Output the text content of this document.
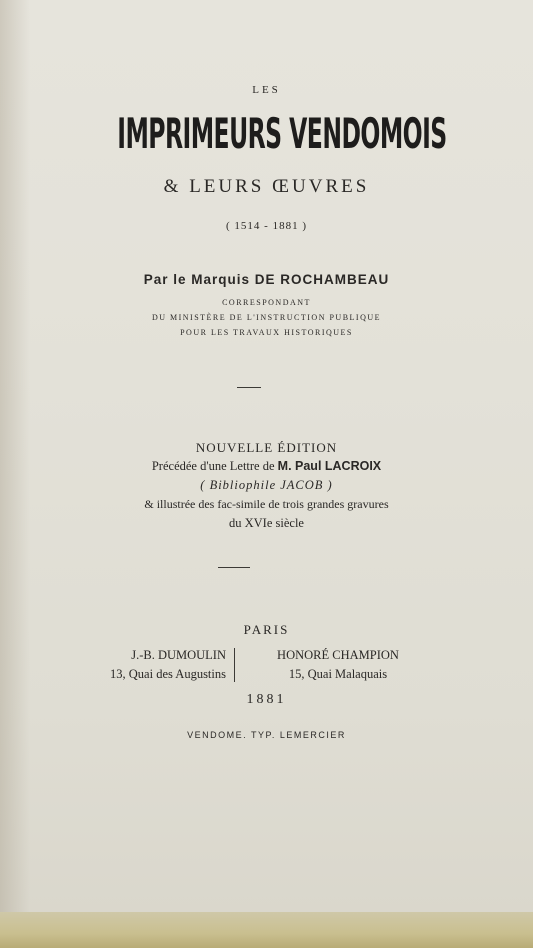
LES
IMPRIMEURS VENDOMOIS
& LEURS ŒUVRES
( 1514 - 1881 )
Par le Marquis DE ROCHAMBEAU
CORRESPONDANT
DU MINISTÈRE DE L'INSTRUCTION PUBLIQUE
POUR LES TRAVAUX HISTORIQUES
NOUVELLE ÉDITION
Précédée d'une Lettre de M. Paul LACROIX
( Bibliophile JACOB )
& illustrée des fac-simile de trois grandes gravures
du XVIe siècle
PARIS
J.-B. DUMOULIN
13, Quai des Augustins
HONORÉ CHAMPION
15, Quai Malaquais
1881
VENDOME. TYP. LEMERCIER
